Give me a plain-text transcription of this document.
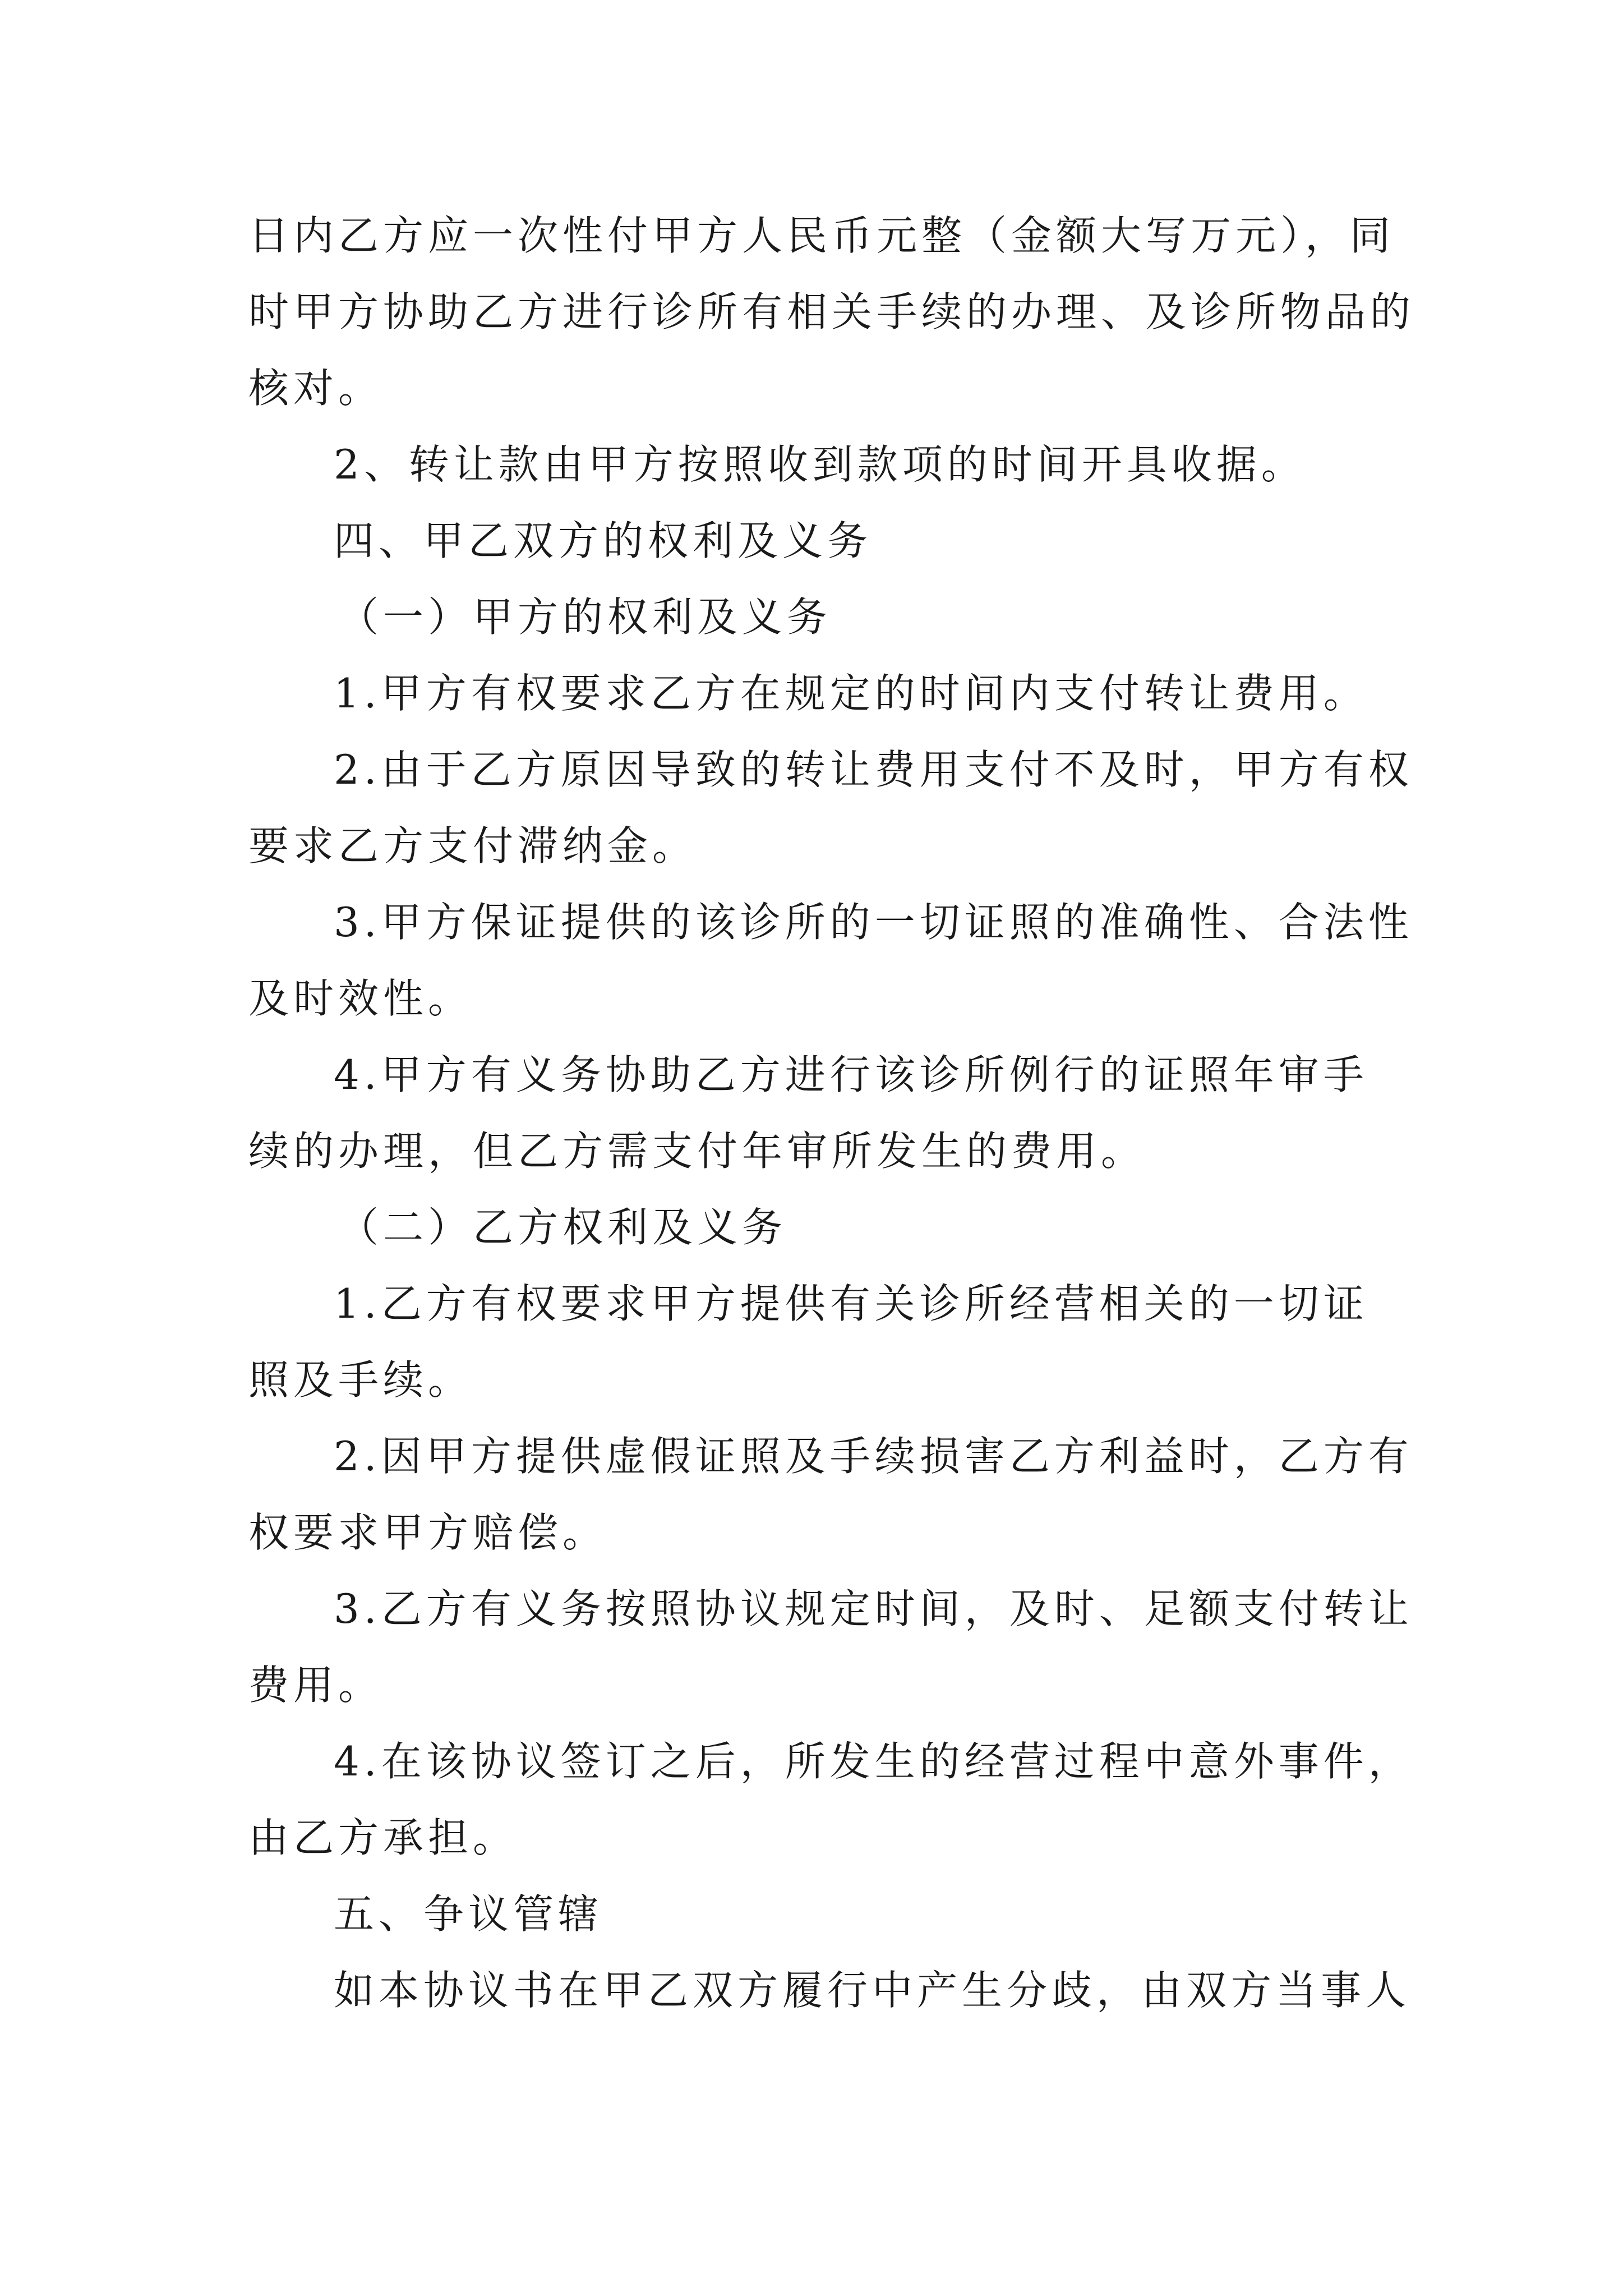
日内乙方应一次性付甲方人民币元整（金额大写万元），同
时甲方协助乙方进行诊所有相关手续的办理、及诊所物品的
核对。
2、转让款由甲方按照收到款项的时间开具收据。
四、甲乙双方的权利及义务
（一）甲方的权利及义务
1.甲方有权要求乙方在规定的时间内支付转让费用。
2.由于乙方原因导致的转让费用支付不及时，甲方有权
要求乙方支付滞纳金。
3.甲方保证提供的该诊所的一切证照的准确性、合法性
及时效性。
4.甲方有义务协助乙方进行该诊所例行的证照年审手
续的办理，但乙方需支付年审所发生的费用。
（二）乙方权利及义务
1.乙方有权要求甲方提供有关诊所经营相关的一切证
照及手续。
2.因甲方提供虚假证照及手续损害乙方利益时，乙方有
权要求甲方赔偿。
3.乙方有义务按照协议规定时间，及时、足额支付转让
费用。
4.在该协议签订之后，所发生的经营过程中意外事件，
由乙方承担。
五、争议管辖
如本协议书在甲乙双方履行中产生分歧，由双方当事人
